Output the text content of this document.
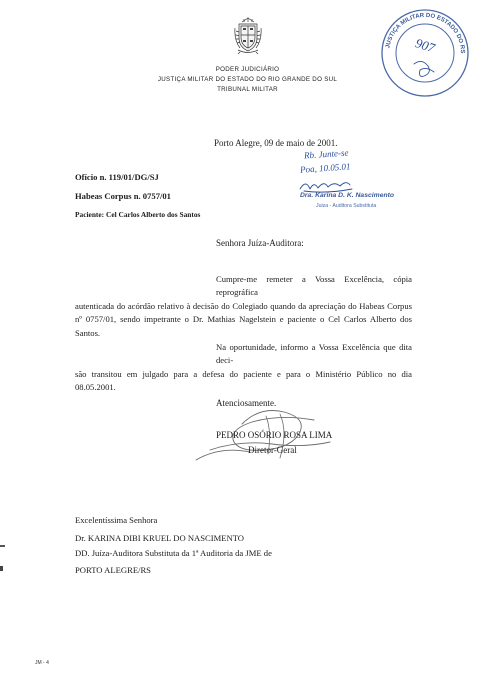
PODER JUDICIÁRIO
JUSTIÇA MILITAR DO ESTADO DO RIO GRANDE DO SUL
TRIBUNAL MILITAR
JUSTIÇA MILITAR DO ESTADO DO RS
907
Porto Alegre, 09 de maio de 2001.
Ofício n. 119/01/DG/SJ
Habeas Corpus n. 0757/01
Paciente: Cel Carlos Alberto dos Santos
Rb. Junte-se
Poa, 10.05.01
Dra. Karina D. K. Nascimento
Juiza - Auditora Substituta
Senhora Juíza-Auditora:
Cumpre-me remeter a Vossa Excelência, cópia reprográfica
autenticada do acórdão relativo à decisão do Colegiado quando da apreciação do Habeas Corpus
nº 0757/01, sendo impetrante o Dr. Mathias Nagelstein e paciente o Cel Carlos Alberto dos
Santos.
Na oportunidade, informo a Vossa Excelência que dita deci-
são transitou em julgado para a defesa do paciente e para o Ministério Público no dia
08.05.2001.
Atenciosamente.
PEDRO OSÓRIO ROSA LIMA
Diretor-Geral
Excelentíssima Senhora
Dr. KARINA DIBI KRUEL DO NASCIMENTO
DD. Juíza-Auditora Substituta da 1ª Auditoria da JME de
PORTO ALEGRE/RS
JM - 4
